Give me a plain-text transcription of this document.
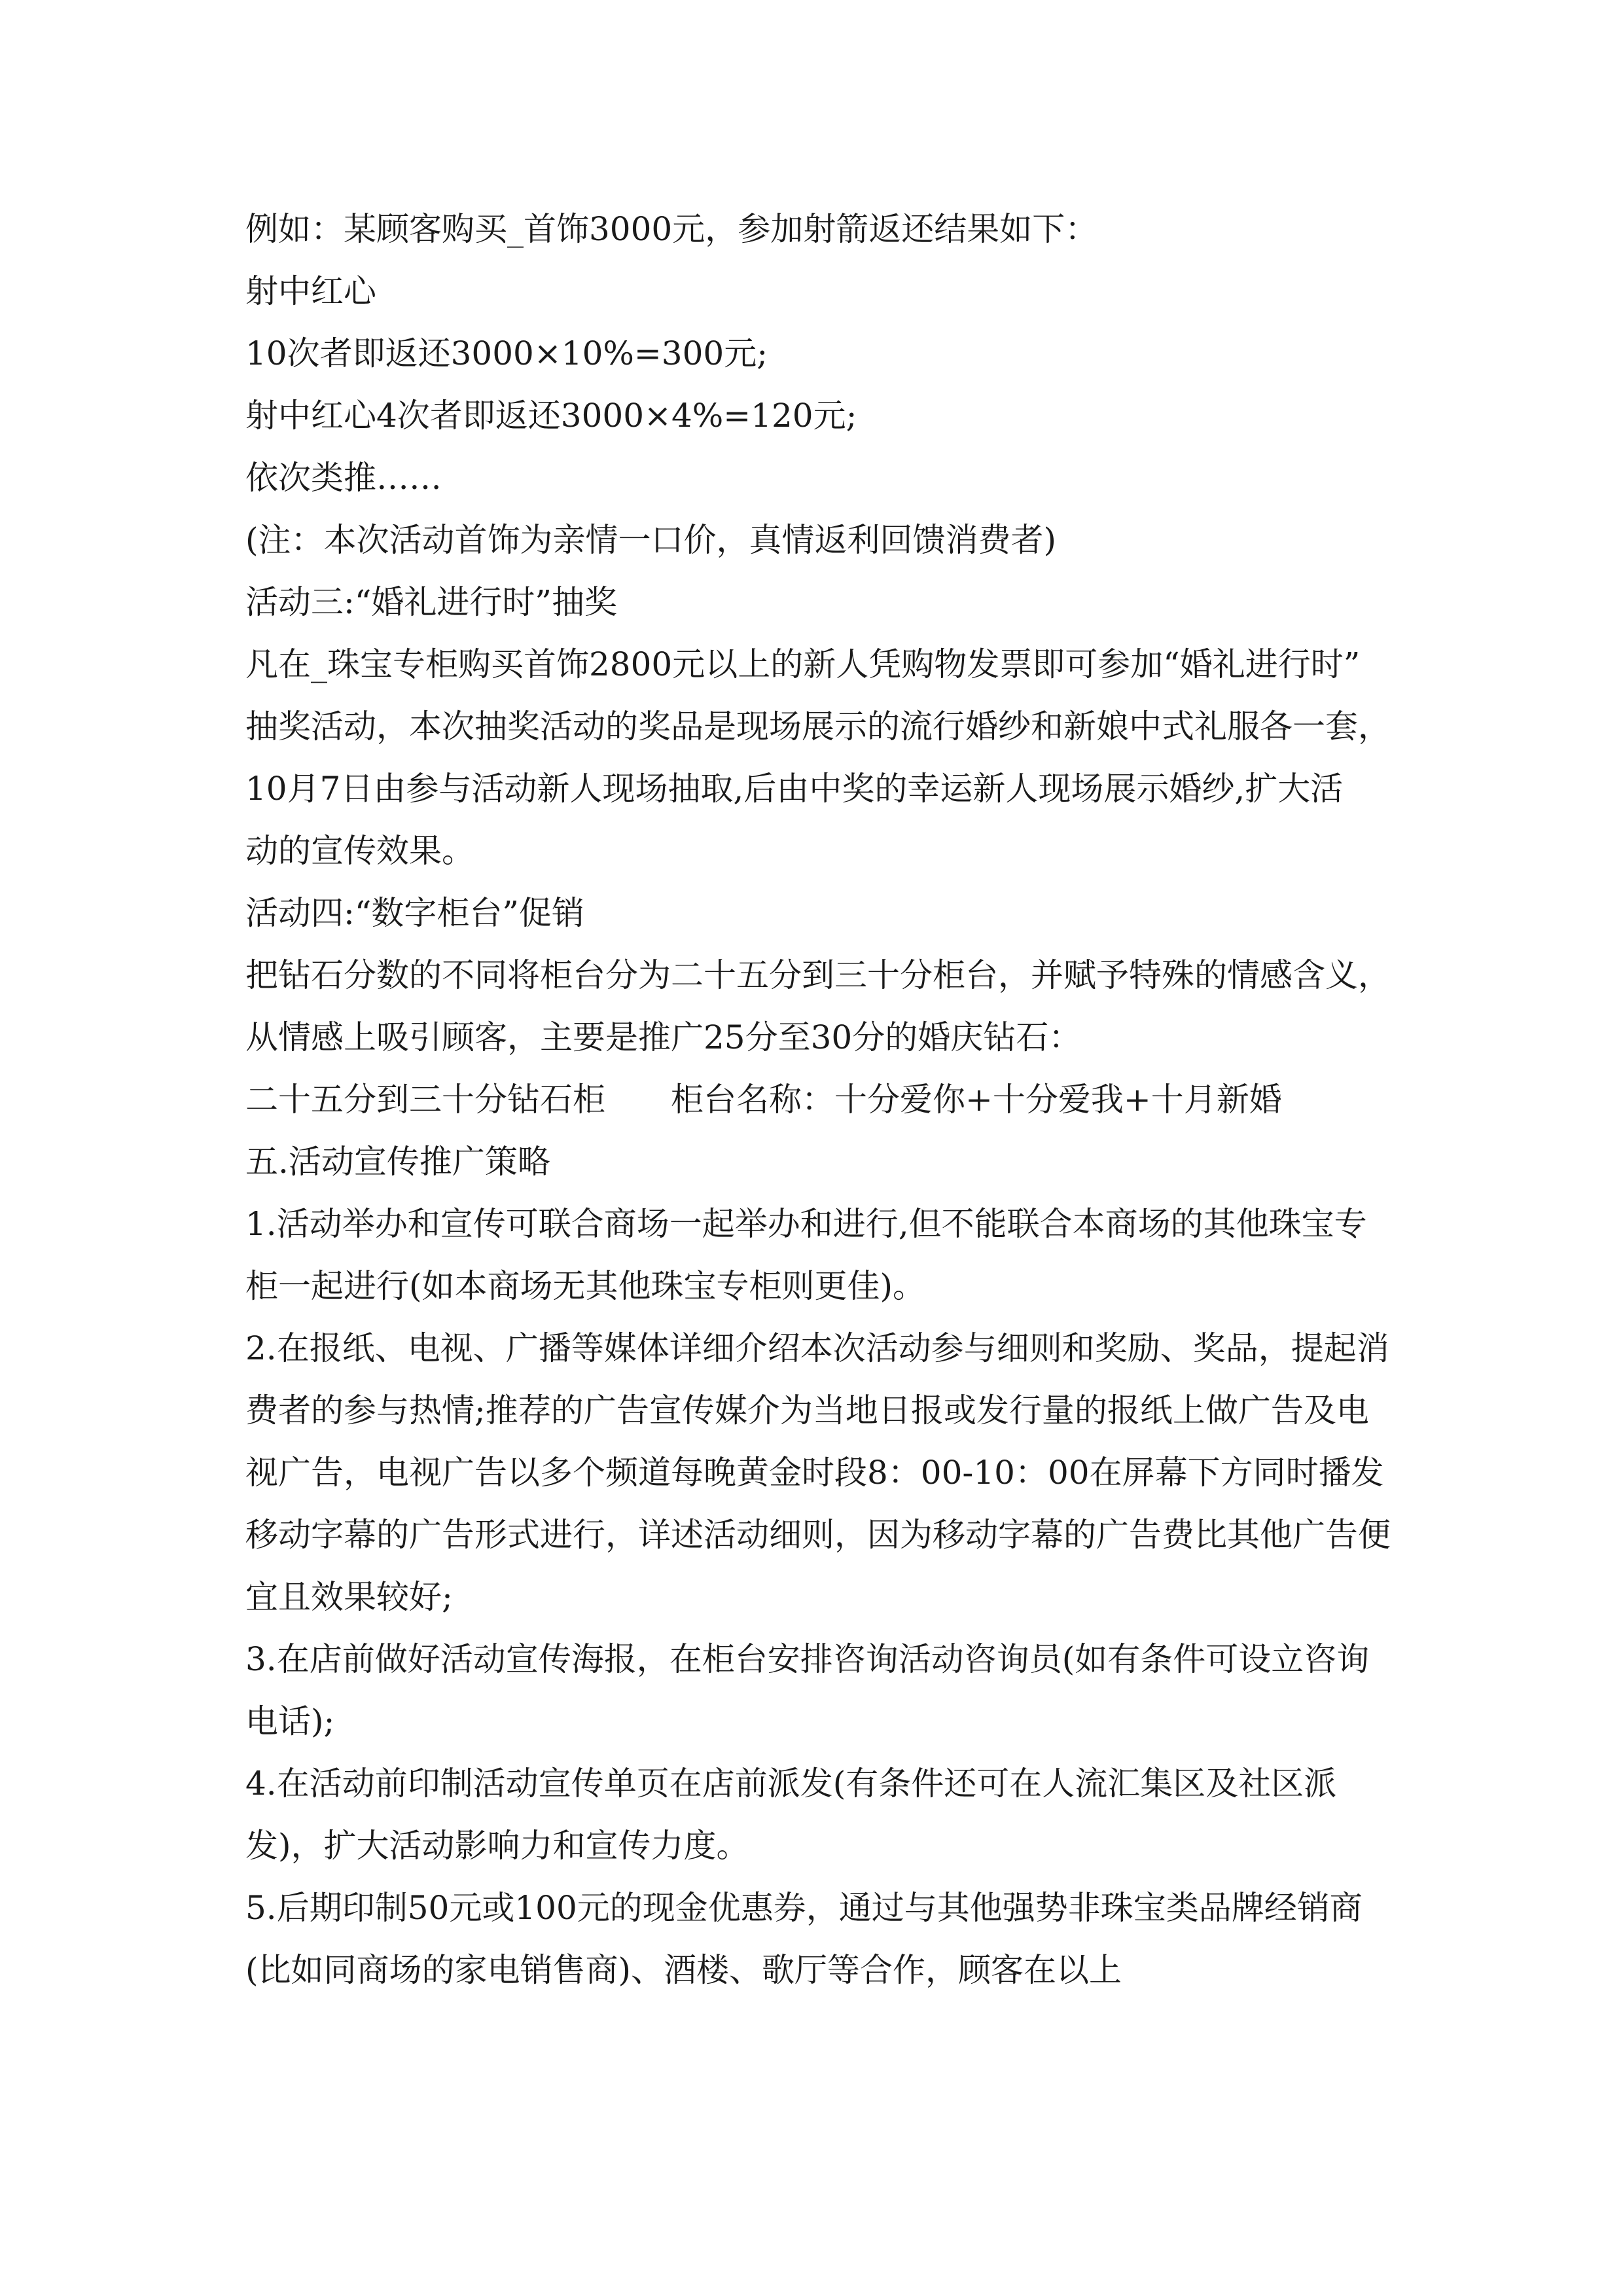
例如：某顾客购买_首饰3000元，参加射箭返还结果如下：
射中红心
10次者即返还3000×10%=300元;
射中红心4次者即返还3000×4%=120元;
依次类推……
(注：本次活动首饰为亲情一口价，真情返利回馈消费者)
活动三:“婚礼进行时”抽奖
凡在_珠宝专柜购买首饰2800元以上的新人凭购物发票即可参加“婚礼进行时”
抽奖活动，本次抽奖活动的奖品是现场展示的流行婚纱和新娘中式礼服各一套，
10月7日由参与活动新人现场抽取,后由中奖的幸运新人现场展示婚纱,扩大活
动的宣传效果。
活动四:“数字柜台”促销
把钻石分数的不同将柜台分为二十五分到三十分柜台，并赋予特殊的情感含义，
从情感上吸引顾客，主要是推广25分至30分的婚庆钻石：
二十五分到三十分钻石柜 柜台名称：十分爱你+十分爱我+十月新婚
五.活动宣传推广策略
1.活动举办和宣传可联合商场一起举办和进行,但不能联合本商场的其他珠宝专
柜一起进行(如本商场无其他珠宝专柜则更佳)。
2.在报纸、电视、广播等媒体详细介绍本次活动参与细则和奖励、奖品，提起消
费者的参与热情;推荐的广告宣传媒介为当地日报或发行量的报纸上做广告及电
视广告，电视广告以多个频道每晚黄金时段8：00-10：00在屏幕下方同时播发
移动字幕的广告形式进行，详述活动细则，因为移动字幕的广告费比其他广告便
宜且效果较好;
3.在店前做好活动宣传海报，在柜台安排咨询活动咨询员(如有条件可设立咨询
电话);
4.在活动前印制活动宣传单页在店前派发(有条件还可在人流汇集区及社区派
发)，扩大活动影响力和宣传力度。
5.后期印制50元或100元的现金优惠券，通过与其他强势非珠宝类品牌经销商
(比如同商场的家电销售商)、酒楼、歌厅等合作，顾客在以上
